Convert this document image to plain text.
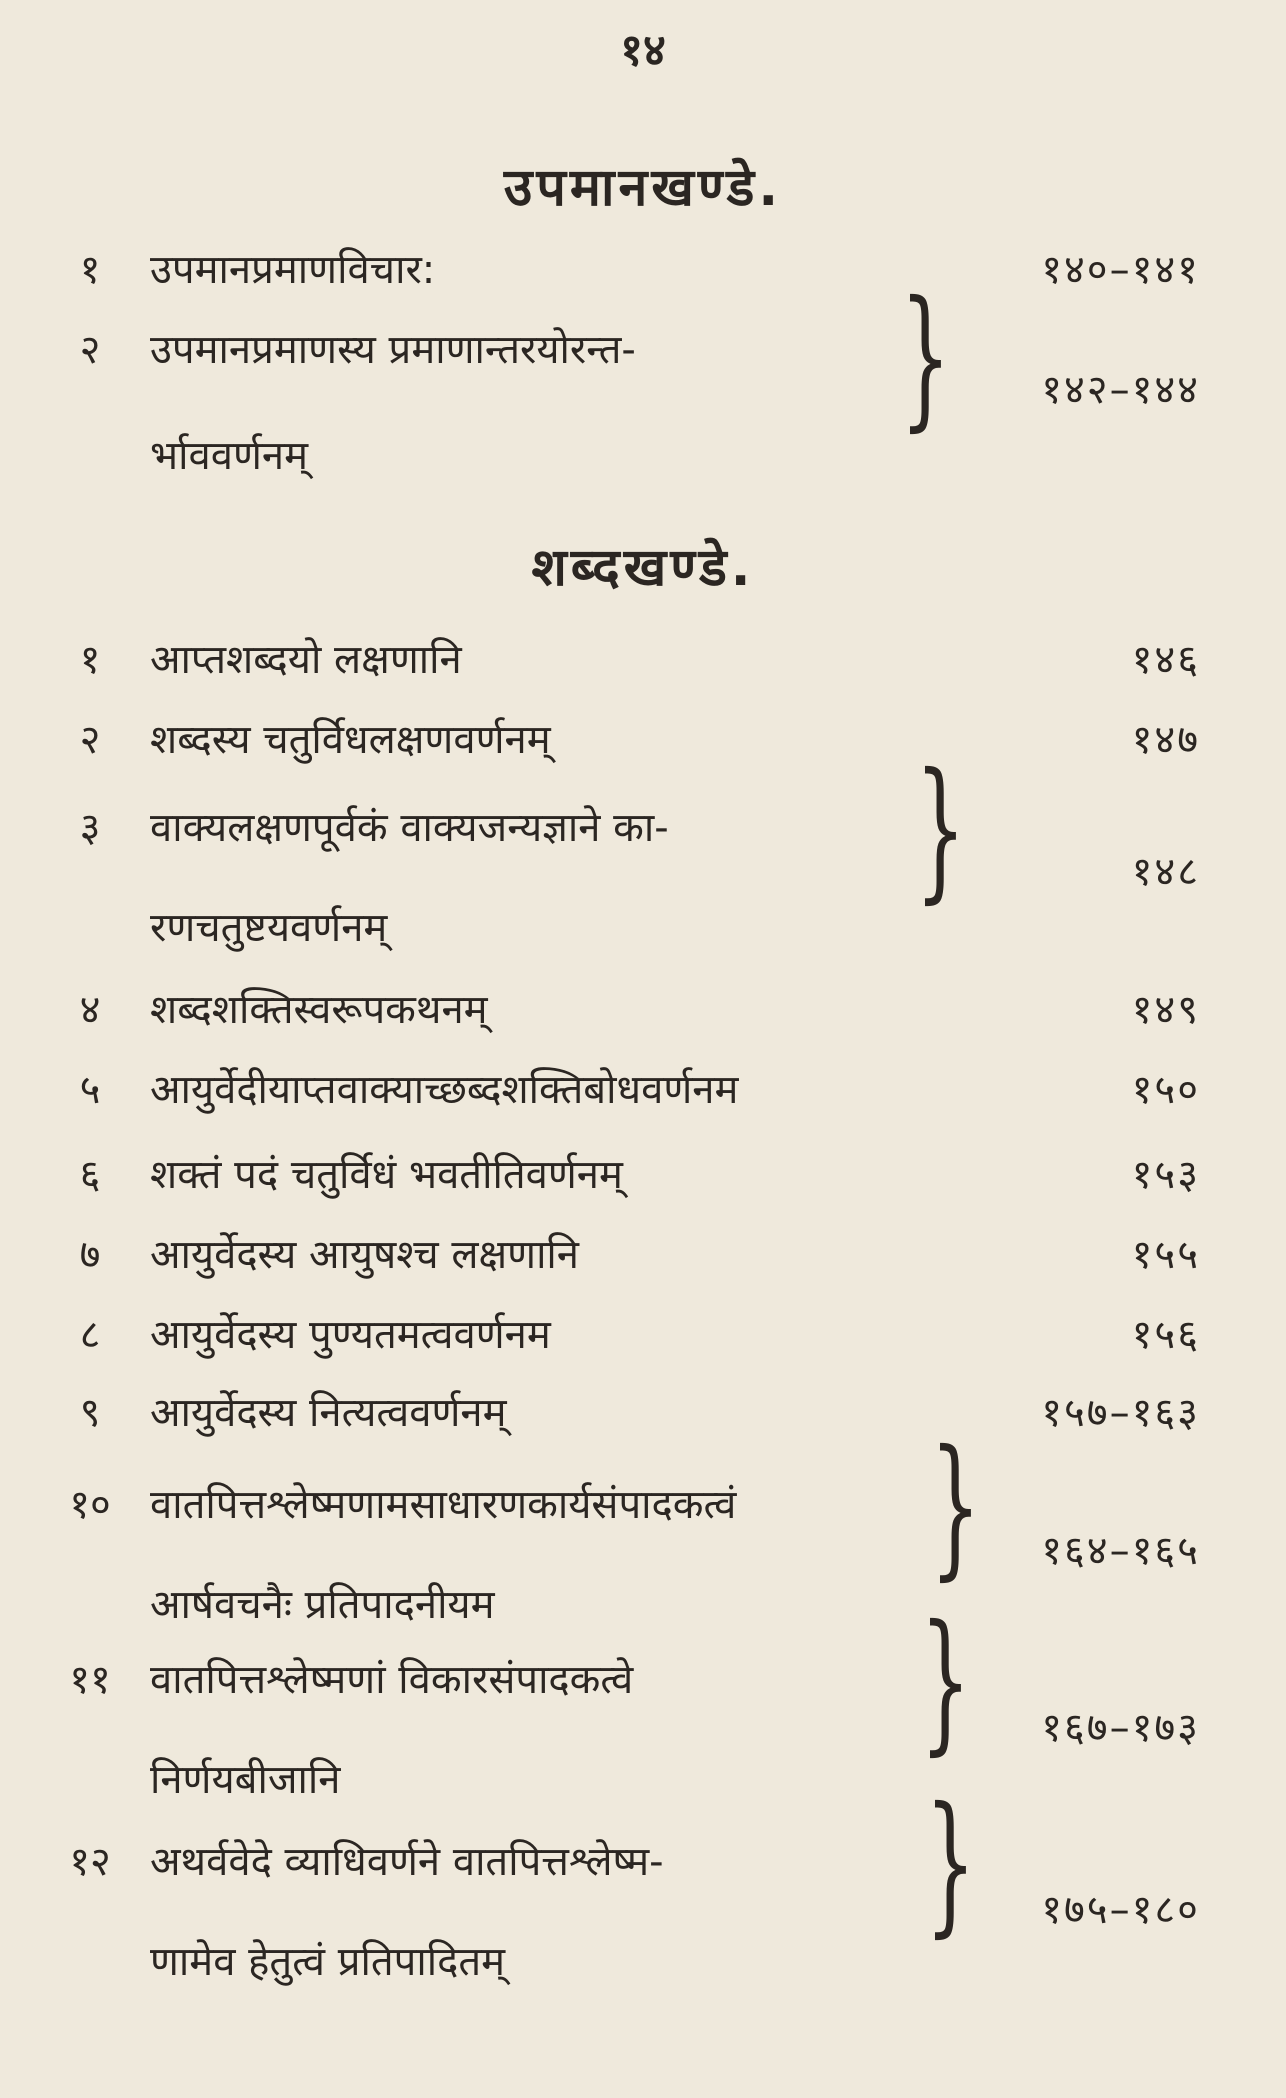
१४
उपमानखण्डे.
१	उपमानप्रमाणविचार:	१४०–१४१
२	उपमानप्रमाणस्य प्रमाणान्तरयोरन्त-
र्भाववर्णनम्
} १४२–१४४
शब्दखण्डे.
१	आप्तशब्दयो लक्षणानि	१४६
२	शब्दस्य चतुर्विधलक्षणवर्णनम्	१४७
३	वाक्यलक्षणपूर्वकं वाक्यजन्यज्ञाने का-
रणचतुष्टयवर्णनम्
}	१४८
४	शब्दशक्तिस्वरूपकथनम्	१४९
५	आयुर्वेदीयाप्तवाक्याच्छब्दशक्तिबोधवर्णनम	१५०
६	शक्तं पदं चतुर्विधं भवतीतिवर्णनम्	१५३
७	आयुर्वेदस्य आयुषश्च लक्षणानि	१५५
८	आयुर्वेदस्य पुण्यतमत्ववर्णनम	१५६
९	आयुर्वेदस्य नित्यत्ववर्णनम्	१५७–१६३
१० वातपित्तश्लेष्मणामसाधारणकार्यसंपादकत्वं
आर्षवचनैः प्रतिपादनीयम
} १६४–१६५
११ वातपित्तश्लेष्मणां विकारसंपादकत्वे
निर्णयबीजानि
} १६७–१७३
१२ अथर्ववेदे व्याधिवर्णने वातपित्तश्लेष्म-
णामेव हेतुत्वं प्रतिपादितम्
} १७५–१८०
